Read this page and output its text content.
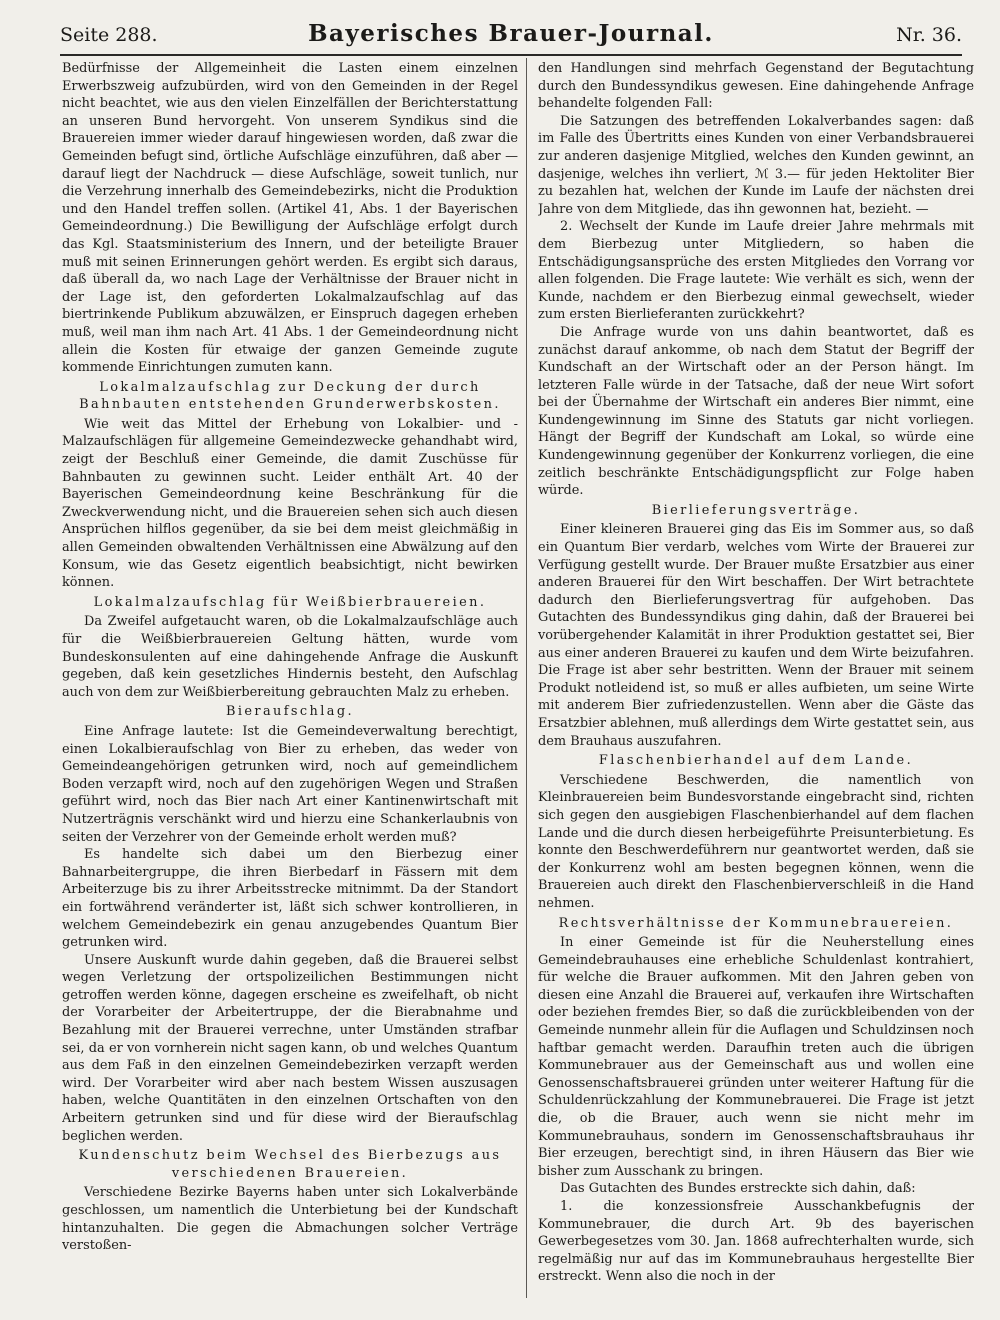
Seite 288.	Bayerisches Brauer-Journal.	Nr. 36.

Bedürfnisse der Allgemeinheit die Lasten einem einzelnen Erwerbszweig aufzubürden, wird von den Gemeinden in der Regel nicht beachtet, wie aus den vielen Einzelfällen der Berichterstattung an unseren Bund hervorgeht. Von unserem Syndikus sind die Brauereien immer wieder darauf hingewiesen worden, daß zwar die Gemeinden befugt sind, örtliche Aufschläge einzuführen, daß aber — darauf liegt der Nachdruck — diese Aufschläge, soweit tunlich, nur die Verzehrung innerhalb des Gemeindebezirks, nicht die Produktion und den Handel treffen sollen. (Artikel 41, Abs. 1 der Bayerischen Gemeindeordnung.) Die Bewilligung der Aufschläge erfolgt durch das Kgl. Staatsministerium des Innern, und der beteiligte Brauer muß mit seinen Erinnerungen gehört werden. Es ergibt sich daraus, daß überall da, wo nach Lage der Verhältnisse der Brauer nicht in der Lage ist, den geforderten Lokalmalzaufschlag auf das biertrinkende Publikum abzuwälzen, er Einspruch dagegen erheben muß, weil man ihm nach Art. 41 Abs. 1 der Gemeindeordnung nicht allein die Kosten für etwaige der ganzen Gemeinde zugute kommende Einrichtungen zumuten kann.

Lokalmalzaufschlag zur Deckung der durch Bahnbauten entstehenden Grunderwerbskosten.

Wie weit das Mittel der Erhebung von Lokalbier- und -Malzaufschlägen für allgemeine Gemeindezwecke gehandhabt wird, zeigt der Beschluß einer Gemeinde, die damit Zuschüsse für Bahnbauten zu gewinnen sucht. Leider enthält Art. 40 der Bayerischen Gemeindeordnung keine Beschränkung für die Zweckverwendung nicht, und die Brauereien sehen sich auch diesen Ansprüchen hilflos gegenüber, da sie bei dem meist gleichmäßig in allen Gemeinden obwaltenden Verhältnissen eine Abwälzung auf den Konsum, wie das Gesetz eigentlich beabsichtigt, nicht bewirken können.

Lokalmalzaufschlag für Weißbierbrauereien.

Da Zweifel aufgetaucht waren, ob die Lokalmalzaufschläge auch für die Weißbierbrauereien Geltung hätten, wurde vom Bundeskonsulenten auf eine dahingehende Anfrage die Auskunft gegeben, daß kein gesetzliches Hindernis besteht, den Aufschlag auch von dem zur Weißbierbereitung gebrauchten Malz zu erheben.

Bieraufschlag.

Eine Anfrage lautete: Ist die Gemeindeverwaltung berechtigt, einen Lokalbieraufschlag von Bier zu erheben, das weder von Gemeindeangehörigen getrunken wird, noch auf gemeindlichem Boden verzapft wird, noch auf den zugehörigen Wegen und Straßen geführt wird, noch das Bier nach Art einer Kantinenwirtschaft mit Nutzerträgnis verschänkt wird und hierzu eine Schankerlaubnis von seiten der Verzehrer von der Gemeinde erholt werden muß?

Es handelte sich dabei um den Bierbezug einer Bahnarbeitergruppe, die ihren Bierbedarf in Fässern mit dem Arbeiterzuge bis zu ihrer Arbeitsstrecke mitnimmt. Da der Standort ein fortwährend veränderter ist, läßt sich schwer kontrollieren, in welchem Gemeindebezirk ein genau anzugebendes Quantum Bier getrunken wird.

Unsere Auskunft wurde dahin gegeben, daß die Brauerei selbst wegen Verletzung der ortspolizeilichen Bestimmungen nicht getroffen werden könne, dagegen erscheine es zweifelhaft, ob nicht der Vorarbeiter der Arbeitertruppe, der die Bierabnahme und Bezahlung mit der Brauerei verrechne, unter Umständen strafbar sei, da er von vornherein nicht sagen kann, ob und welches Quantum aus dem Faß in den einzelnen Gemeindebezirken verzapft werden wird. Der Vorarbeiter wird aber nach bestem Wissen auszusagen haben, welche Quantitäten in den einzelnen Ortschaften von den Arbeitern getrunken sind und für diese wird der Bieraufschlag beglichen werden.

Kundenschutz beim Wechsel des Bierbezugs aus verschiedenen Brauereien.

Verschiedene Bezirke Bayerns haben unter sich Lokalverbände geschlossen, um namentlich die Unterbietung bei der Kundschaft hintanzuhalten. Die gegen die Abmachungen solcher Verträge verstoßen-

den Handlungen sind mehrfach Gegenstand der Begutachtung durch den Bundessyndikus gewesen. Eine dahingehende Anfrage behandelte folgenden Fall:

Die Satzungen des betreffenden Lokalverbandes sagen: daß im Falle des Übertritts eines Kunden von einer Verbandsbrauerei zur anderen dasjenige Mitglied, welches den Kunden gewinnt, an dasjenige, welches ihn verliert, ℳ 3.— für jeden Hektoliter Bier zu bezahlen hat, welchen der Kunde im Laufe der nächsten drei Jahre von dem Mitgliede, das ihn gewonnen hat, bezieht. —

2. Wechselt der Kunde im Laufe dreier Jahre mehrmals mit dem Bierbezug unter Mitgliedern, so haben die Entschädigungsansprüche des ersten Mitgliedes den Vorrang vor allen folgenden. Die Frage lautete: Wie verhält es sich, wenn der Kunde, nachdem er den Bierbezug einmal gewechselt, wieder zum ersten Bierlieferanten zurückkehrt?

Die Anfrage wurde von uns dahin beantwortet, daß es zunächst darauf ankomme, ob nach dem Statut der Begriff der Kundschaft an der Wirtschaft oder an der Person hängt. Im letzteren Falle würde in der Tatsache, daß der neue Wirt sofort bei der Übernahme der Wirtschaft ein anderes Bier nimmt, eine Kundengewinnung im Sinne des Statuts gar nicht vorliegen. Hängt der Begriff der Kundschaft am Lokal, so würde eine Kundengewinnung gegenüber der Konkurrenz vorliegen, die eine zeitlich beschränkte Entschädigungspflicht zur Folge haben würde.

Bierlieferungsverträge.

Einer kleineren Brauerei ging das Eis im Sommer aus, so daß ein Quantum Bier verdarb, welches vom Wirte der Brauerei zur Verfügung gestellt wurde. Der Brauer mußte Ersatzbier aus einer anderen Brauerei für den Wirt beschaffen. Der Wirt betrachtete dadurch den Bierlieferungsvertrag für aufgehoben. Das Gutachten des Bundessyndikus ging dahin, daß der Brauerei bei vorübergehender Kalamität in ihrer Produktion gestattet sei, Bier aus einer anderen Brauerei zu kaufen und dem Wirte beizufahren. Die Frage ist aber sehr bestritten. Wenn der Brauer mit seinem Produkt notleidend ist, so muß er alles aufbieten, um seine Wirte mit anderem Bier zufriedenzustellen. Wenn aber die Gäste das Ersatzbier ablehnen, muß allerdings dem Wirte gestattet sein, aus dem Brauhaus auszufahren.

Flaschenbierhandel auf dem Lande.

Verschiedene Beschwerden, die namentlich von Kleinbrauereien beim Bundesvorstande eingebracht sind, richten sich gegen den ausgiebigen Flaschenbierhandel auf dem flachen Lande und die durch diesen herbeigeführte Preisunterbietung. Es konnte den Beschwerdeführern nur geantwortet werden, daß sie der Konkurrenz wohl am besten begegnen können, wenn die Brauereien auch direkt den Flaschenbierverschleiß in die Hand nehmen.

Rechtsverhältnisse der Kommunebrauereien.

In einer Gemeinde ist für die Neuherstellung eines Gemeindebrauhauses eine erhebliche Schuldenlast kontrahiert, für welche die Brauer aufkommen. Mit den Jahren geben von diesen eine Anzahl die Brauerei auf, verkaufen ihre Wirtschaften oder beziehen fremdes Bier, so daß die zurückbleibenden von der Gemeinde nunmehr allein für die Auflagen und Schuldzinsen noch haftbar gemacht werden. Daraufhin treten auch die übrigen Kommunebrauer aus der Gemeinschaft aus und wollen eine Genossenschaftsbrauerei gründen unter weiterer Haftung für die Schuldenrückzahlung der Kommunebrauerei. Die Frage ist jetzt die, ob die Brauer, auch wenn sie nicht mehr im Kommunebrauhaus, sondern im Genossenschaftsbrauhaus ihr Bier erzeugen, berechtigt sind, in ihren Häusern das Bier wie bisher zum Ausschank zu bringen.

Das Gutachten des Bundes erstreckte sich dahin, daß:

1. die konzessionsfreie Ausschankbefugnis der Kommunebrauer, die durch Art. 9b des bayerischen Gewerbegesetzes vom 30. Jan. 1868 aufrechterhalten wurde, sich regelmäßig nur auf das im Kommunebrauhaus hergestellte Bier erstreckt. Wenn also die noch in der
